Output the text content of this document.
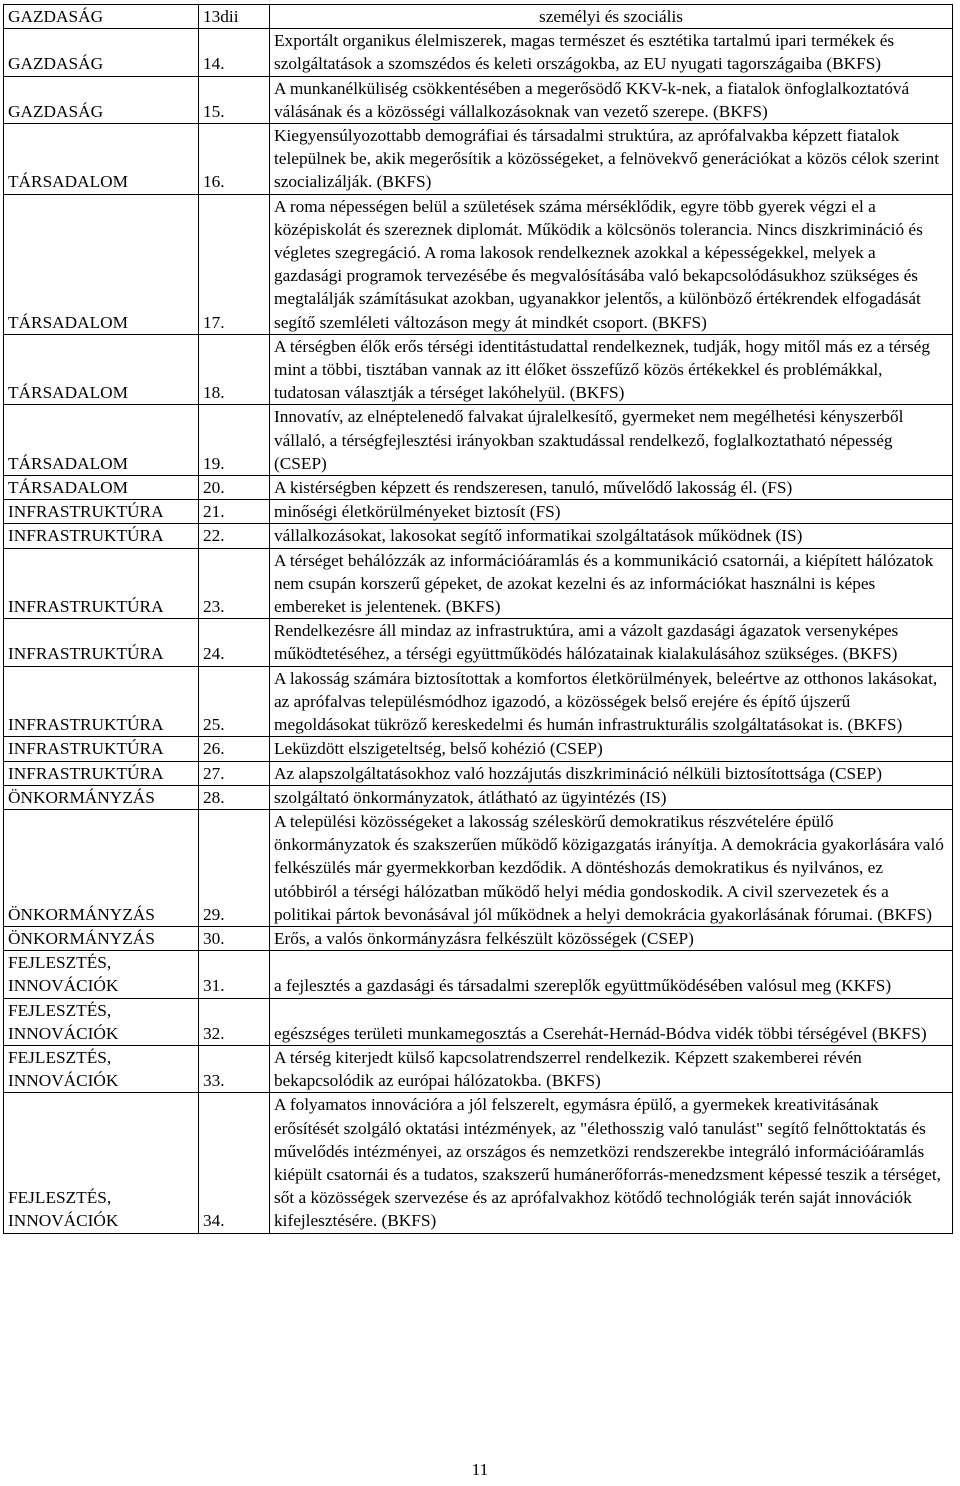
GAZDASÁG	13dii	személyi és szociális

GAZDASÁG	14.	Exportált organikus élelmiszerek, magas természet és esztétika tartalmú ipari termékek és szolgáltatások a szomszédos és keleti országokba, az EU nyugati tagországaiba (BKFS)

GAZDASÁG	15.	A munkanélküliség csökkentésében a megerősödő KKV-k-nek, a fiatalok önfoglalkoztatóvá válásának és a közösségi vállalkozásoknak van vezető szerepe. (BKFS)

TÁRSADALOM	16.	Kiegyensúlyozottabb demográfiai és társadalmi struktúra, az aprófalvakba képzett fiatalok települnek be, akik megerősítik a közösségeket, a felnövekvő generációkat a közös célok szerint szocializálják. (BKFS)

TÁRSADALOM	17.	A roma népességen belül a születések száma mérséklődik, egyre több gyerek végzi el a középiskolát és szereznek diplomát. Működik a kölcsönös tolerancia. Nincs diszkrimináció és végletes szegregáció. A roma lakosok rendelkeznek azokkal a képességekkel, melyek a gazdasági programok tervezésébe és megvalósításába való bekapcsolódásukhoz szükséges és megtalálják számításukat azokban, ugyanakkor jelentős, a különböző értékrendek elfogadását segítő szemléleti változáson megy át mindkét csoport. (BKFS)

TÁRSADALOM	18.	A térségben élők erős térségi identitástudattal rendelkeznek, tudják, hogy mitől más ez a térség mint a többi, tisztában vannak az itt élőket összefűző közös értékekkel és problémákkal, tudatosan választják a térséget lakóhelyül. (BKFS)

TÁRSADALOM	19.	Innovatív, az elnéptelenedő falvakat újralelkesítő, gyermeket nem megélhetési kényszerből vállaló, a térségfejlesztési irányokban szaktudással rendelkező, foglalkoztatható népesség (CSEP)

TÁRSADALOM	20.	A kistérségben képzett és rendszeresen, tanuló, művelődő lakosság él. (FS)

INFRASTRUKTÚRA	21.	minőségi életkörülményeket biztosít (FS)

INFRASTRUKTÚRA	22.	vállalkozásokat, lakosokat segítő informatikai szolgáltatások működnek (IS)

INFRASTRUKTÚRA	23.	A térséget behálózzák az információáramlás és a kommunikáció csatornái, a kiépített hálózatok nem csupán korszerű gépeket, de azokat kezelni és az információkat használni is képes embereket is jelentenek. (BKFS)

INFRASTRUKTÚRA	24.	Rendelkezésre áll mindaz az infrastruktúra, ami a vázolt gazdasági ágazatok versenyképes működtetéséhez, a térségi együttműködés hálózatainak kialakulásához szükséges. (BKFS)

INFRASTRUKTÚRA	25.	A lakosság számára biztosítottak a komfortos életkörülmények, beleértve az otthonos lakásokat, az aprófalvas településmódhoz igazodó, a közösségek belső erejére és építő újszerű megoldásokat tükröző kereskedelmi és humán infrastrukturális szolgáltatásokat is. (BKFS)

INFRASTRUKTÚRA	26.	Leküzdött elszigeteltség, belső kohézió (CSEP)

INFRASTRUKTÚRA	27.	Az alapszolgáltatásokhoz való hozzájutás diszkrimináció nélküli biztosítottsága (CSEP)

ÖNKORMÁNYZÁS	28.	szolgáltató önkormányzatok, átlátható az ügyintézés (IS)

ÖNKORMÁNYZÁS	29.	A települési közösségeket a lakosság széleskörű demokratikus részvételére épülő önkormányzatok és szakszerűen működő közigazgatás irányítja. A demokrácia gyakorlására való felkészülés már gyermekkorban kezdődik. A döntéshozás demokratikus és nyilvános, ez utóbbiról a térségi hálózatban működő helyi média gondoskodik. A civil szervezetek és a politikai pártok bevonásával jól működnek a helyi demokrácia gyakorlásának fórumai. (BKFS)

ÖNKORMÁNYZÁS	30.	Erős, a valós önkormányzásra felkészült közösségek (CSEP)

FEJLESZTÉS,
INNOVÁCIÓK	31.	a fejlesztés a gazdasági és társadalmi szereplők együttműködésében valósul meg (KKFS)

FEJLESZTÉS,
INNOVÁCIÓK	32.	egészséges területi munkamegosztás a Cserehát-Hernád-Bódva vidék többi térségével (BKFS)

FEJLESZTÉS,
INNOVÁCIÓK	33.	A térség kiterjedt külső kapcsolatrendszerrel rendelkezik. Képzett szakemberei révén bekapcsolódik az európai hálózatokba. (BKFS)

FEJLESZTÉS,
INNOVÁCIÓK	34.	A folyamatos innovációra a jól felszerelt, egymásra épülő, a gyermekek kreativitásának erősítését szolgáló oktatási intézmények, az "élethosszig való tanulást" segítő felnőttoktatás és művelődés intézményei, az országos és nemzetközi rendszerekbe integráló információáramlás kiépült csatornái és a tudatos, szakszerű humánerőforrás-menedzsment képessé teszik a térséget, sőt a közösségek szervezése és az aprófalvakhoz kötődő technológiák terén saját innovációk kifejlesztésére. (BKFS)
11
